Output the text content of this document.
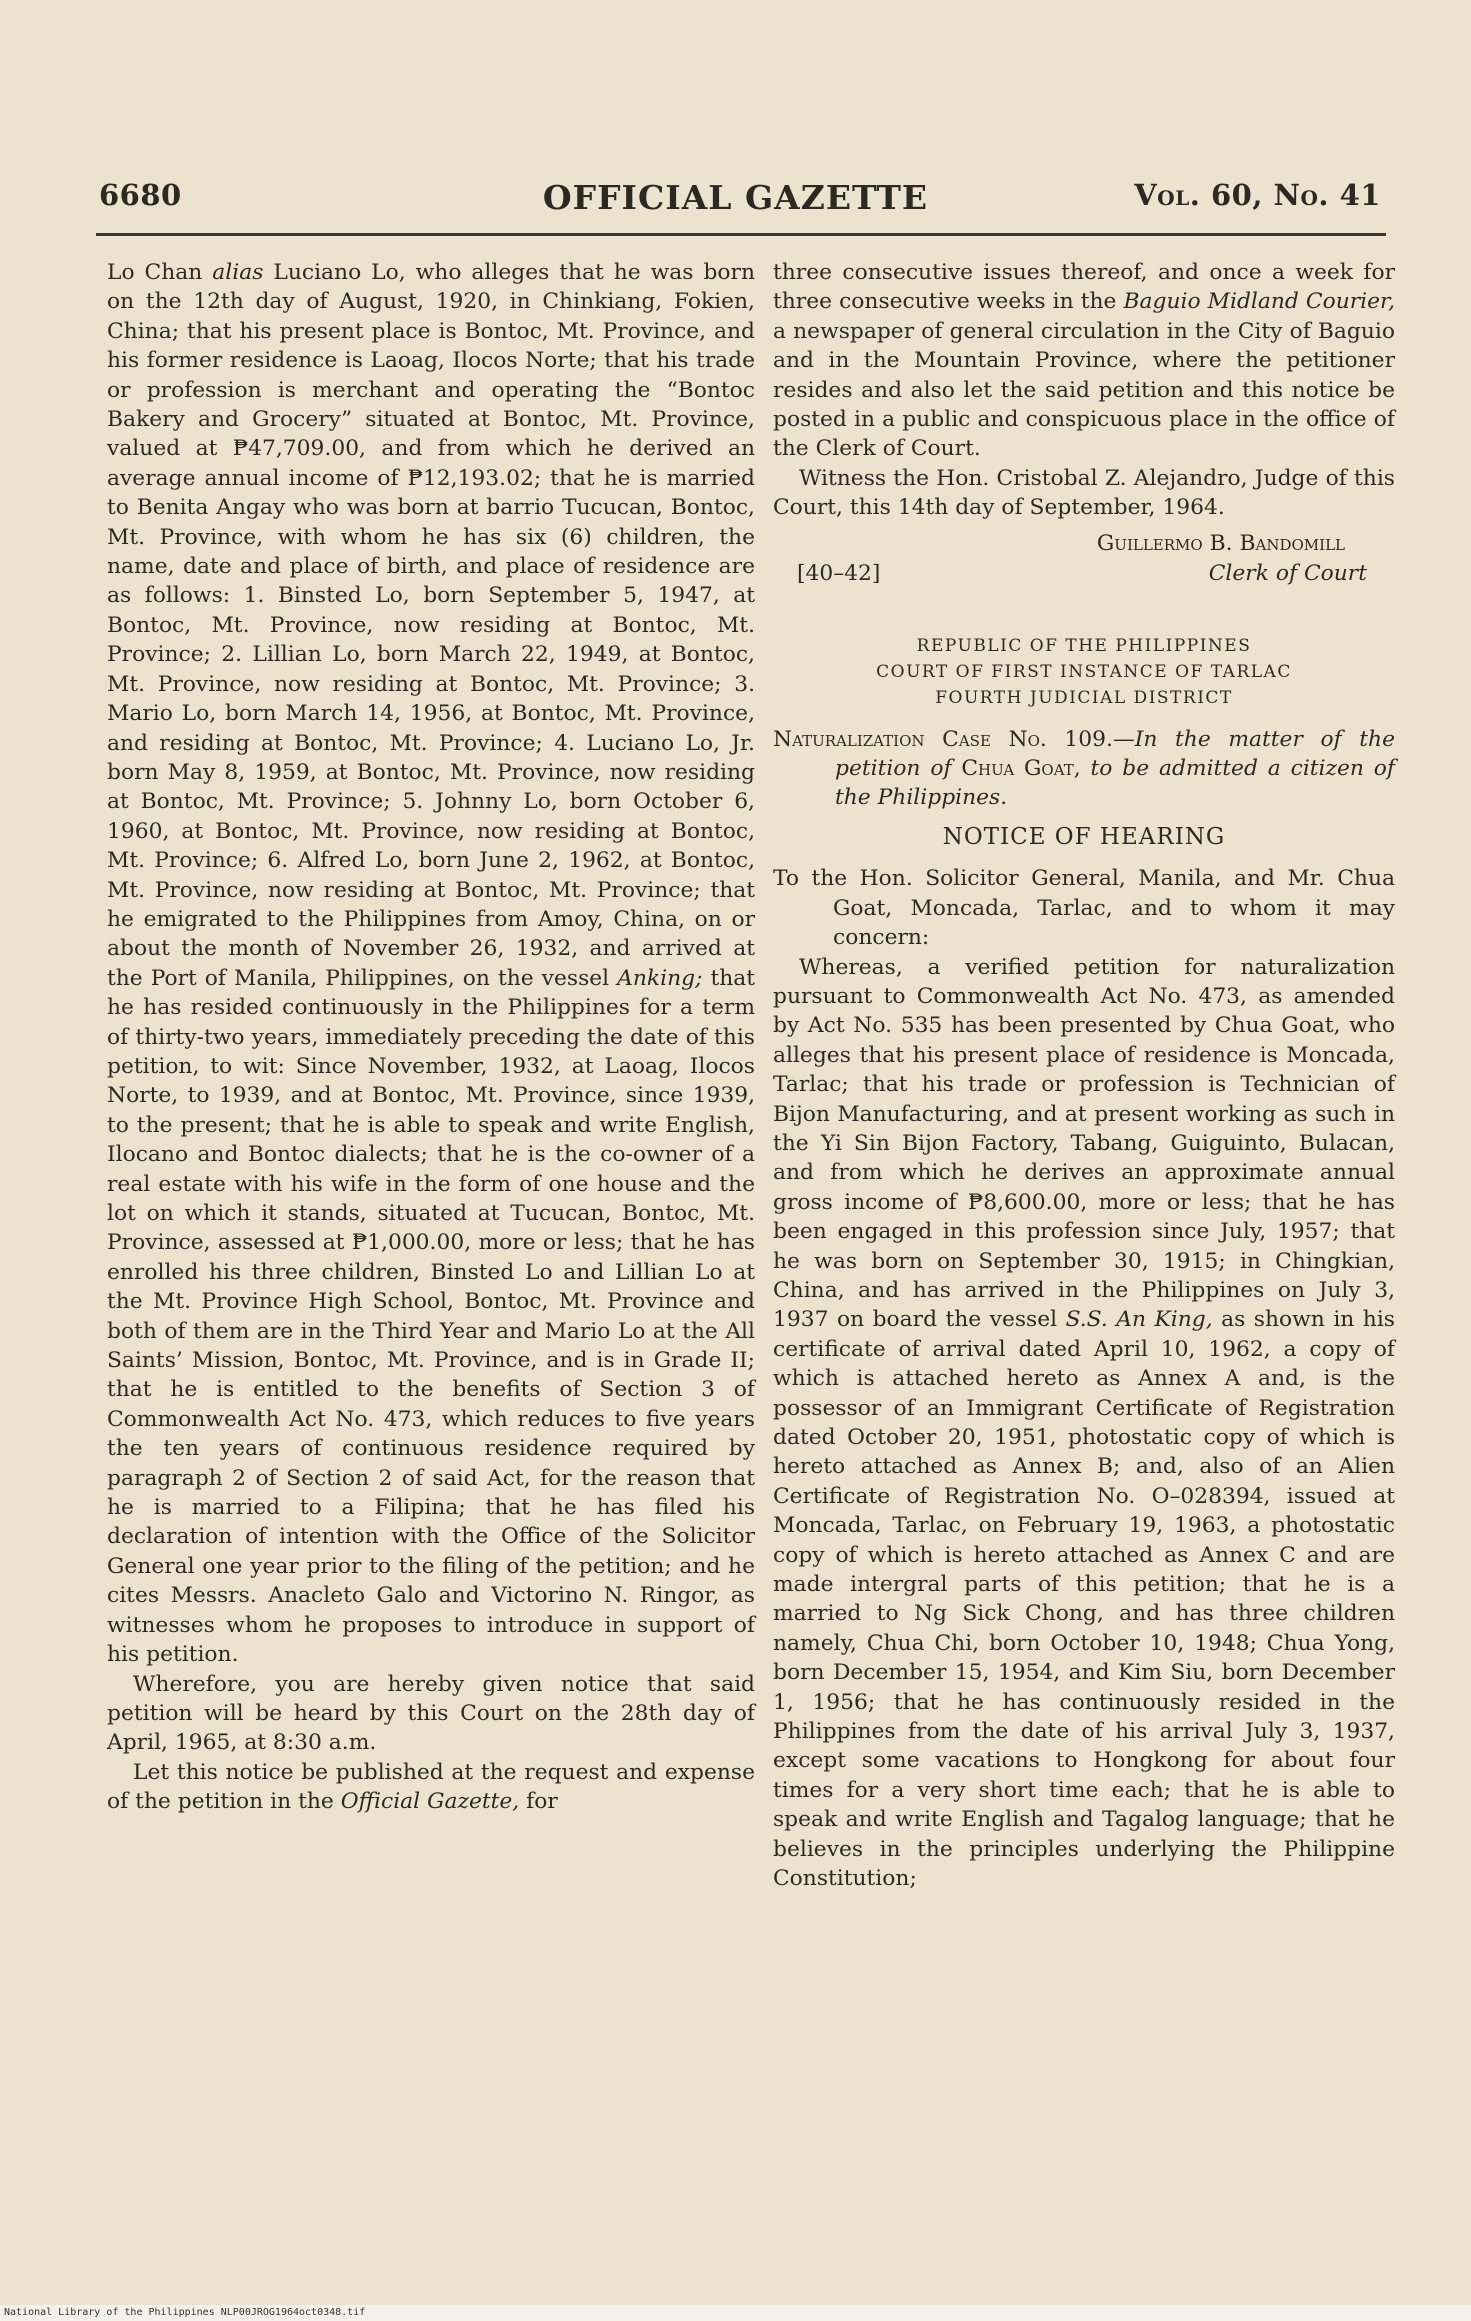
6680	OFFICIAL GAZETTE	Vol. 60, No. 41

Lo Chan alias Luciano Lo, who alleges that he was born on the 12th day of August, 1920, in Chinkiang, Fokien, China; that his present place is Bontoc, Mt. Province, and his former residence is Laoag, Ilocos Norte; that his trade or profession is merchant and operating the “Bontoc Bakery and Grocery” situated at Bontoc, Mt. Province, valued at ₱47,709.00, and from which he derived an average annual income of ₱12,193.02; that he is married to Benita Angay who was born at barrio Tucucan, Bontoc, Mt. Province, with whom he has six (6) children, the name, date and place of birth, and place of residence are as follows: 1. Binsted Lo, born September 5, 1947, at Bontoc, Mt. Province, now residing at Bontoc, Mt. Province; 2. Lillian Lo, born March 22, 1949, at Bontoc, Mt. Province, now residing at Bontoc, Mt. Province; 3. Mario Lo, born March 14, 1956, at Bontoc, Mt. Province, and residing at Bontoc, Mt. Province; 4. Luciano Lo, Jr. born May 8, 1959, at Bontoc, Mt. Province, now residing at Bontoc, Mt. Province; 5. Johnny Lo, born October 6, 1960, at Bontoc, Mt. Province, now residing at Bontoc, Mt. Province; 6. Alfred Lo, born June 2, 1962, at Bontoc, Mt. Province, now residing at Bontoc, Mt. Province; that he emigrated to the Philippines from Amoy, China, on or about the month of November 26, 1932, and arrived at the Port of Manila, Philippines, on the vessel Anking; that he has resided continuously in the Philippines for a term of thirty-two years, immediately preceding the date of this petition, to wit: Since November, 1932, at Laoag, Ilocos Norte, to 1939, and at Bontoc, Mt. Province, since 1939, to the present; that he is able to speak and write English, Ilocano and Bontoc dialects; that he is the co-owner of a real estate with his wife in the form of one house and the lot on which it stands, situated at Tucucan, Bontoc, Mt. Province, assessed at ₱1,000.00, more or less; that he has enrolled his three children, Binsted Lo and Lillian Lo at the Mt. Province High School, Bontoc, Mt. Province and both of them are in the Third Year and Mario Lo at the All Saints’ Mission, Bontoc, Mt. Province, and is in Grade II; that he is entitled to the benefits of Section 3 of Commonwealth Act No. 473, which reduces to five years the ten years of continuous residence required by paragraph 2 of Section 2 of said Act, for the reason that he is married to a Filipina; that he has filed his declaration of intention with the Office of the Solicitor General one year prior to the filing of the petition; and he cites Messrs. Anacleto Galo and Victorino N. Ringor, as witnesses whom he proposes to introduce in support of his petition.

Wherefore, you are hereby given notice that said petition will be heard by this Court on the 28th day of April, 1965, at 8:30 a.m.

Let this notice be published at the request and expense of the petition in the Official Gazette, for

three consecutive issues thereof, and once a week for three consecutive weeks in the Baguio Midland Courier, a newspaper of general circulation in the City of Baguio and in the Mountain Province, where the petitioner resides and also let the said petition and this notice be posted in a public and conspicuous place in the office of the Clerk of Court.

Witness the Hon. Cristobal Z. Alejandro, Judge of this Court, this 14th day of September, 1964.

Guillermo B. Bandomill
[40–42]	Clerk of Court
REPUBLIC OF THE PHILIPPINES
COURT OF FIRST INSTANCE OF TARLAC
FOURTH JUDICIAL DISTRICT

Naturalization Case No. 109.—In the matter of the petition of Chua Goat, to be admitted a citizen of the Philippines.

NOTICE OF HEARING

To the Hon. Solicitor General, Manila, and Mr. Chua Goat, Moncada, Tarlac, and to whom it may concern:

Whereas, a verified petition for naturalization pursuant to Commonwealth Act No. 473, as amended by Act No. 535 has been presented by Chua Goat, who alleges that his present place of residence is Moncada, Tarlac; that his trade or profession is Technician of Bijon Manufacturing, and at present working as such in the Yi Sin Bijon Factory, Tabang, Guiguinto, Bulacan, and from which he derives an approximate annual gross income of ₱8,600.00, more or less; that he has been engaged in this profession since July, 1957; that he was born on September 30, 1915; in Chingkian, China, and has arrived in the Philippines on July 3, 1937 on board the vessel S.S. An King, as shown in his certificate of arrival dated April 10, 1962, a copy of which is attached hereto as Annex A and, is the possessor of an Immigrant Certificate of Registration dated October 20, 1951, photostatic copy of which is hereto attached as Annex B; and, also of an Alien Certificate of Registration No. O–028394, issued at Moncada, Tarlac, on February 19, 1963, a photostatic copy of which is hereto attached as Annex C and are made intergral parts of this petition; that he is a married to Ng Sick Chong, and has three children namely, Chua Chi, born October 10, 1948; Chua Yong, born December 15, 1954, and Kim Siu, born December 1, 1956; that he has continuously resided in the Philippines from the date of his arrival July 3, 1937, except some vacations to Hongkong for about four times for a very short time each; that he is able to speak and write English and Tagalog language; that he believes in the principles underlying the Philippine Constitution;

National Library of the Philippines NLP00JROG1964oct0348.tif
